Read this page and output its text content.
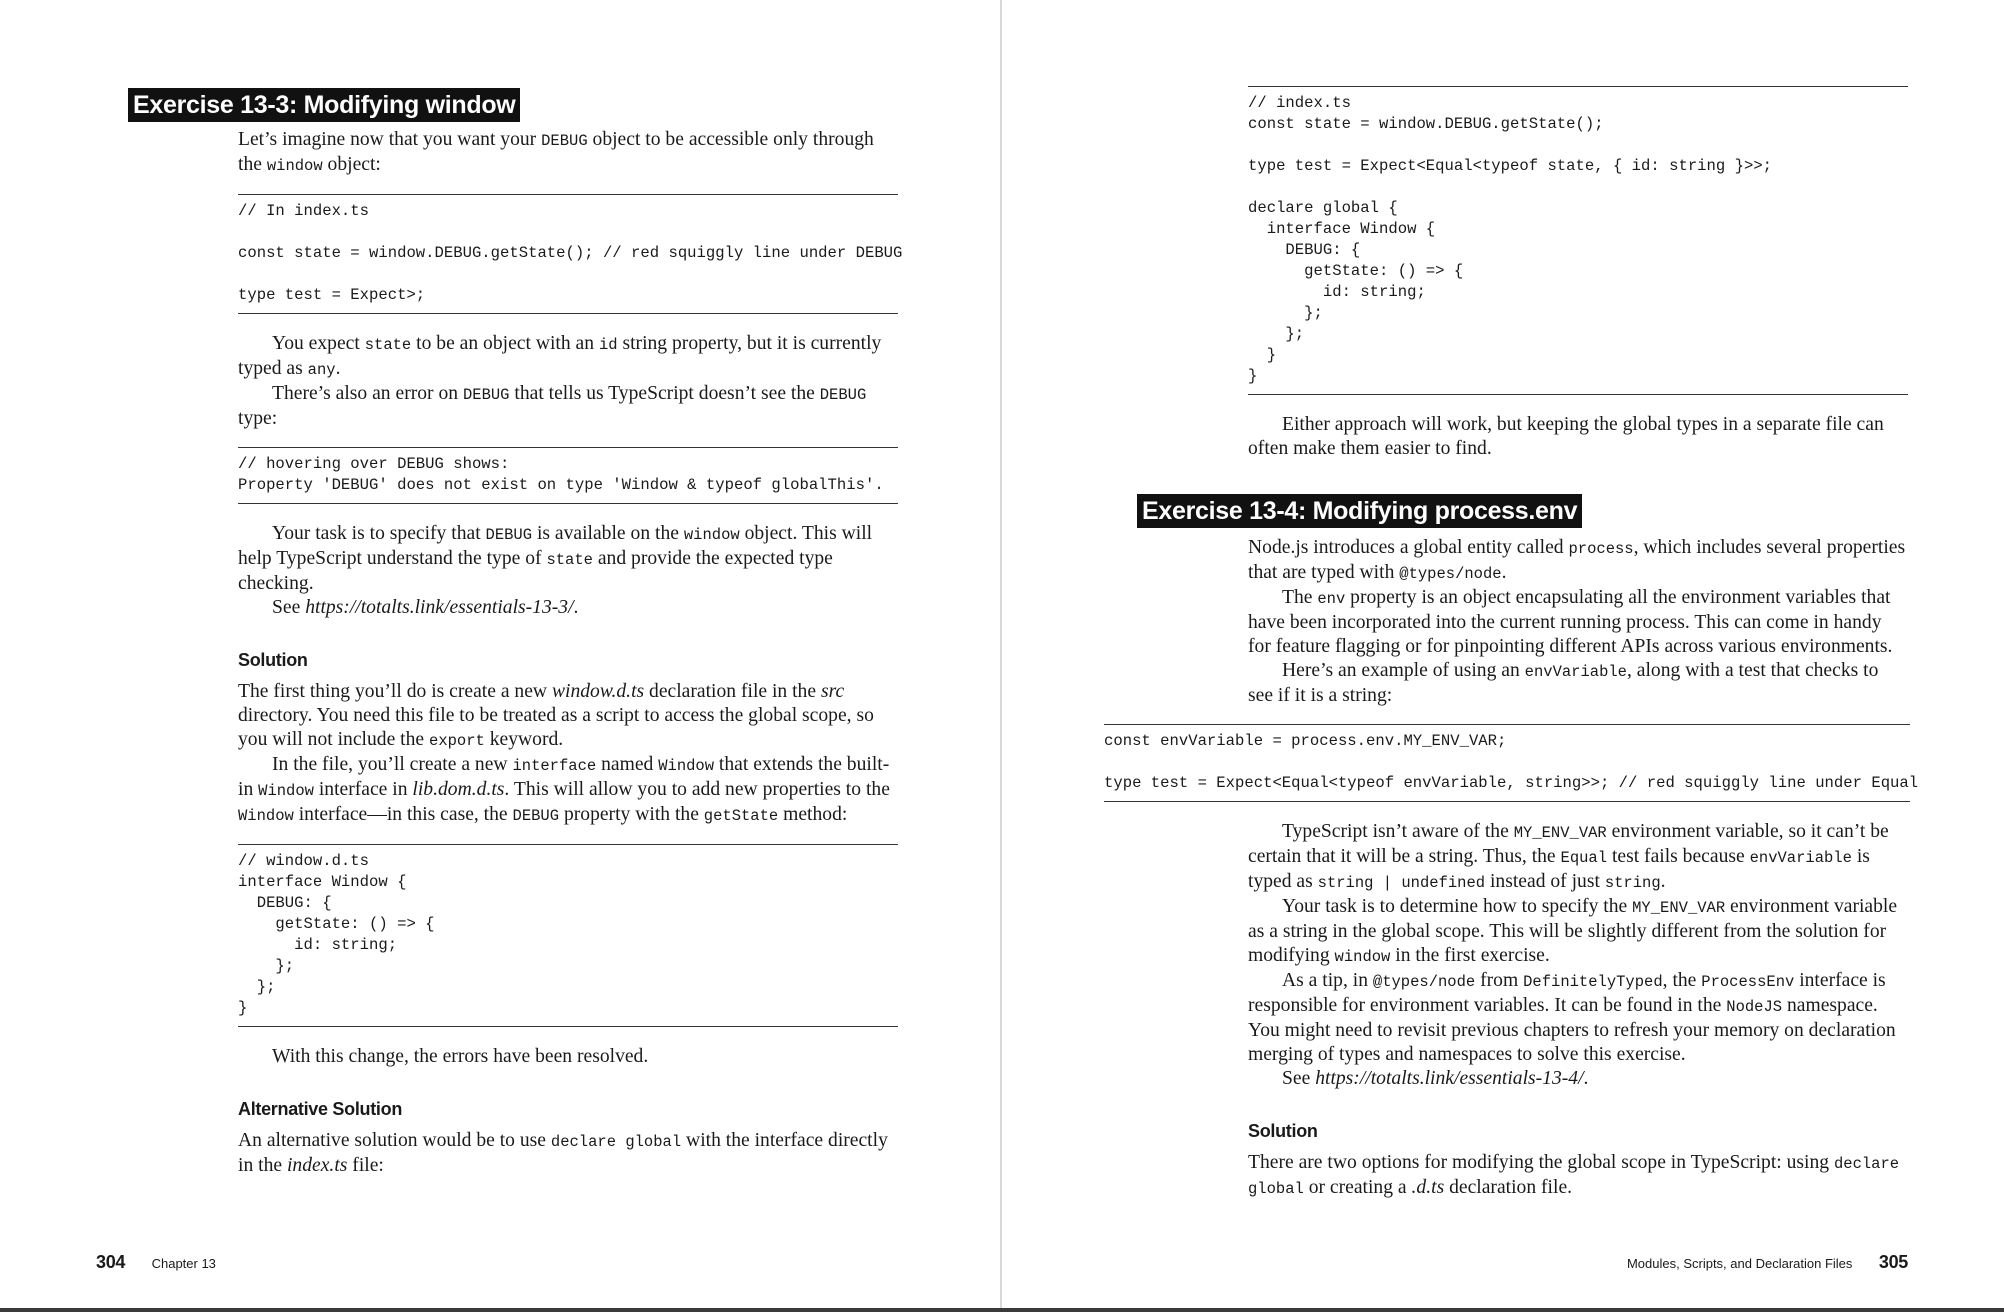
Exercise 13-3: Modifying window

Let’s imagine now that you want your DEBUG object to be accessible only through the window object:

// In index.ts

const state = window.DEBUG.getState(); // red squiggly line under DEBUG

type test = Expect>;

You expect state to be an object with an id string property, but it is currently typed as any.

There’s also an error on DEBUG that tells us TypeScript doesn’t see the DEBUG type:

// hovering over DEBUG shows:
Property 'DEBUG' does not exist on type 'Window & typeof globalThis'.

Your task is to specify that DEBUG is available on the window object. This will help TypeScript understand the type of state and provide the expected type checking.

See https://totalts.link/essentials-13-3/.

Solution

The first thing you’ll do is create a new window.d.ts declaration file in the src directory. You need this file to be treated as a script to access the global scope, so you will not include the export keyword.

In the file, you’ll create a new interface named Window that extends the built-in Window interface in lib.dom.d.ts. This will allow you to add new properties to the Window interface—in this case, the DEBUG property with the getState method:

// window.d.ts
interface Window {
DEBUG: {
getState: () => {
id: string;
};
};
}

With this change, the errors have been resolved.

Alternative Solution

An alternative solution would be to use declare global with the interface directly in the index.ts file:

304 Chapter 13
// index.ts
const state = window.DEBUG.getState();

type test = Expect<Equal<typeof state, { id: string }>>;

declare global {
interface Window {
DEBUG: {
getState: () => {
id: string;
};
};
}
}

Either approach will work, but keeping the global types in a separate file can often make them easier to find.

Exercise 13-4: Modifying process.env

Node.js introduces a global entity called process, which includes several properties that are typed with @types/node.

The env property is an object encapsulating all the environment variables that have been incorporated into the current running process. This can come in handy for feature flagging or for pinpointing different APIs across various environments.

Here’s an example of using an envVariable, along with a test that checks to see if it is a string:

const envVariable = process.env.MY_ENV_VAR;

type test = Expect<Equal<typeof envVariable, string>>; // red squiggly line under Equal

TypeScript isn’t aware of the MY_ENV_VAR environment variable, so it can’t be certain that it will be a string. Thus, the Equal test fails because envVariable is typed as string | undefined instead of just string.

Your task is to determine how to specify the MY_ENV_VAR environment variable as a string in the global scope. This will be slightly different from the solution for modifying window in the first exercise.

As a tip, in @types/node from DefinitelyTyped, the ProcessEnv interface is responsible for environment variables. It can be found in the NodeJS namespace. You might need to revisit previous chapters to refresh your memory on declaration merging of types and namespaces to solve this exercise.

See https://totalts.link/essentials-13-4/.

Solution

There are two options for modifying the global scope in TypeScript: using declare global or creating a .d.ts declaration file.

Modules, Scripts, and Declaration Files 305
